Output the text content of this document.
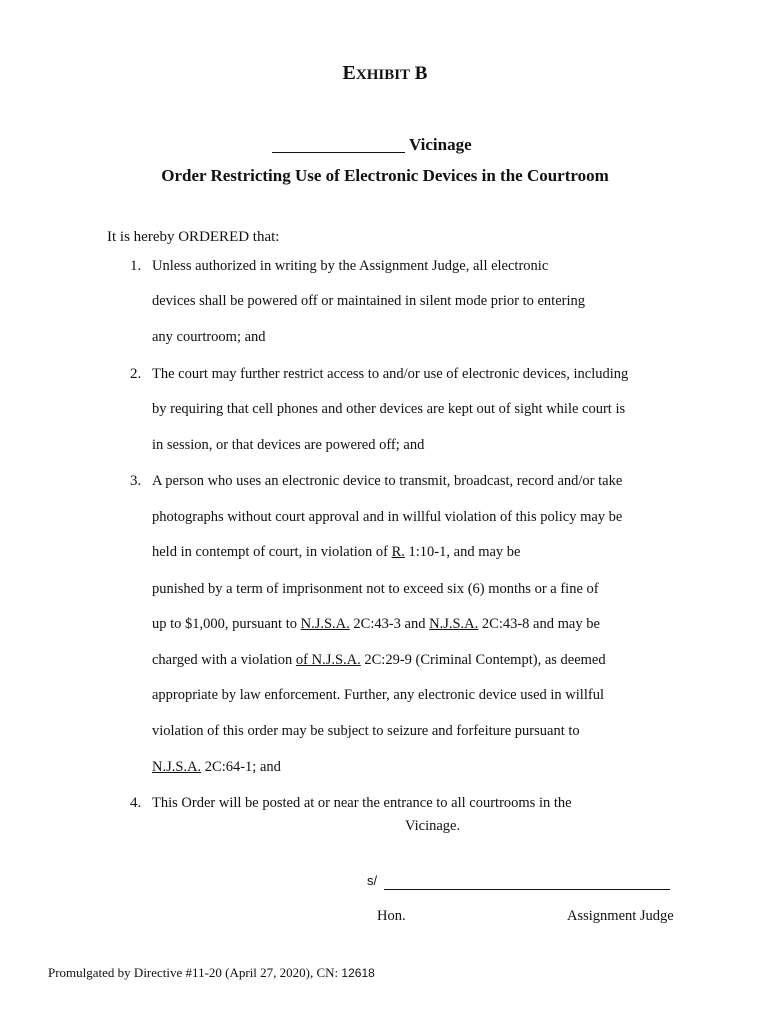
EXHIBIT B
Vicinage
Order Restricting Use of Electronic Devices in the Courtroom
It is hereby ORDERED that:
1. Unless authorized in writing by the Assignment Judge, all electronic
devices shall be powered off or maintained in silent mode prior to entering
any courtroom; and
2. The court may further restrict access to and/or use of electronic devices, including
by requiring that cell phones and other devices are kept out of sight while court is
in session, or that devices are powered off; and
3. A person who uses an electronic device to transmit, broadcast, record and/or take
photographs without court approval and in willful violation of this policy may be
held in contempt of court, in violation of R. 1:10-1, and may be
punished by a term of imprisonment not to exceed six (6) months or a fine of
up to $1,000, pursuant to N.J.S.A. 2C:43-3 and N.J.S.A. 2C:43-8 and may be
charged with a violation of N.J.S.A. 2C:29-9 (Criminal Contempt), as deemed
appropriate by law enforcement. Further, any electronic device used in willful
violation of this order may be subject to seizure and forfeiture pursuant to
N.J.S.A. 2C:64-1; and
4. This Order will be posted at or near the entrance to all courtrooms in the
Vicinage.
s/
Hon.	Assignment Judge
Promulgated by Directive #11-20 (April 27, 2020), CN: 12618
